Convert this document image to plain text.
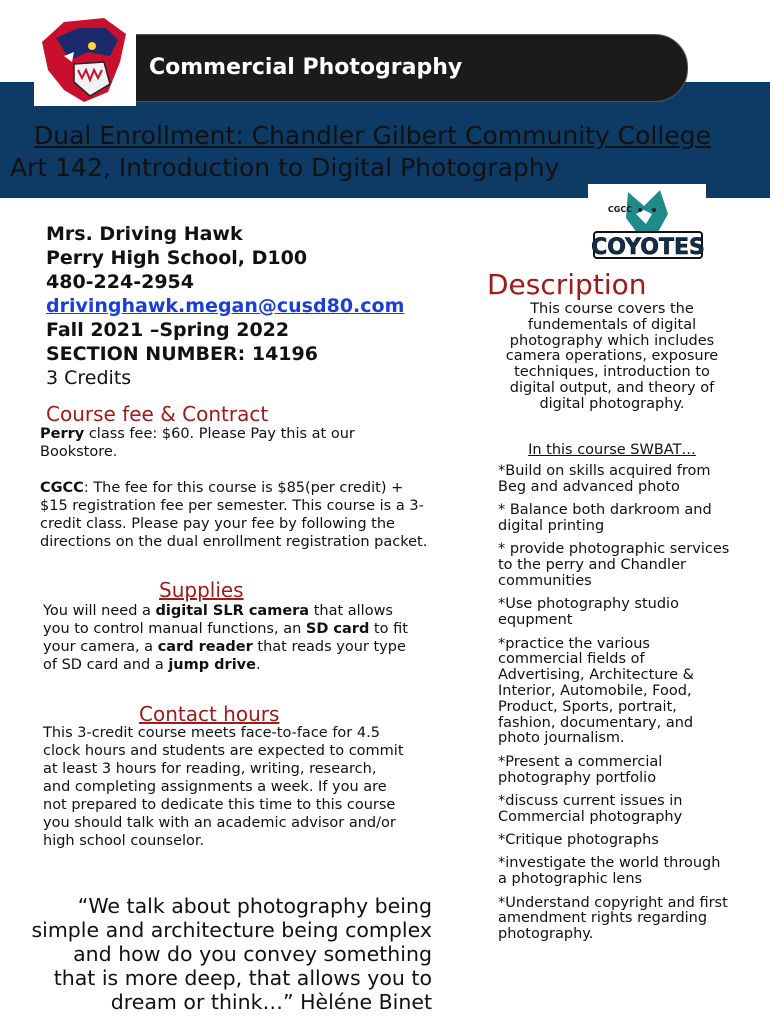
Commercial Photography
Dual Enrollment: Chandler Gilbert Community College Art 142, Introduction to Digital Photography
COYOTES
CGCC
Mrs. Driving Hawk
Perry High School, D100
480-224-2954
drivinghawk.megan@cusd80.com
Fall 2021 –Spring 2022
SECTION NUMBER: 14196
3 Credits
Course fee & Contract
Perry class fee: $60. Please Pay this at our Bookstore.
CGCC: The fee for this course is $85(per credit) + $15 registration fee per semester. This course is a 3-credit class. Please pay your fee by following the directions on the dual enrollment registration packet.
Supplies
You will need a digital SLR camera that allows you to control manual functions, an SD card to fit your camera, a card reader that reads your type of SD card and a jump drive.
Contact hours
This 3-credit course meets face-to-face for 4.5 clock hours and students are expected to commit at least 3 hours for reading, writing, research, and completing assignments a week. If you are not prepared to dedicate this time to this course you should talk with an academic advisor and/or high school counselor.
“We talk about photography being simple and architecture being complex and how do you convey something that is more deep, that allows you to dream or think…” Hèléne Binet
Description
This course covers the fundementals of digital photography which includes camera operations, exposure techniques, introduction to digital output, and theory of digital photography.
In this course SWBAT…
*Build on skills acquired from Beg and advanced photo
* Balance both darkroom and digital printing
* provide photographic services to the perry and Chandler communities
*Use photography studio equpment
*practice the various commercial fields of Advertising, Architecture & Interior, Automobile, Food, Product, Sports, portrait, fashion, documentary, and photo journalism.
*Present a commercial photography portfolio
*discuss current issues in Commercial photography
*Critique photographs
*investigate the world through a photographic lens
*Understand copyright and first amendment rights regarding photography.
